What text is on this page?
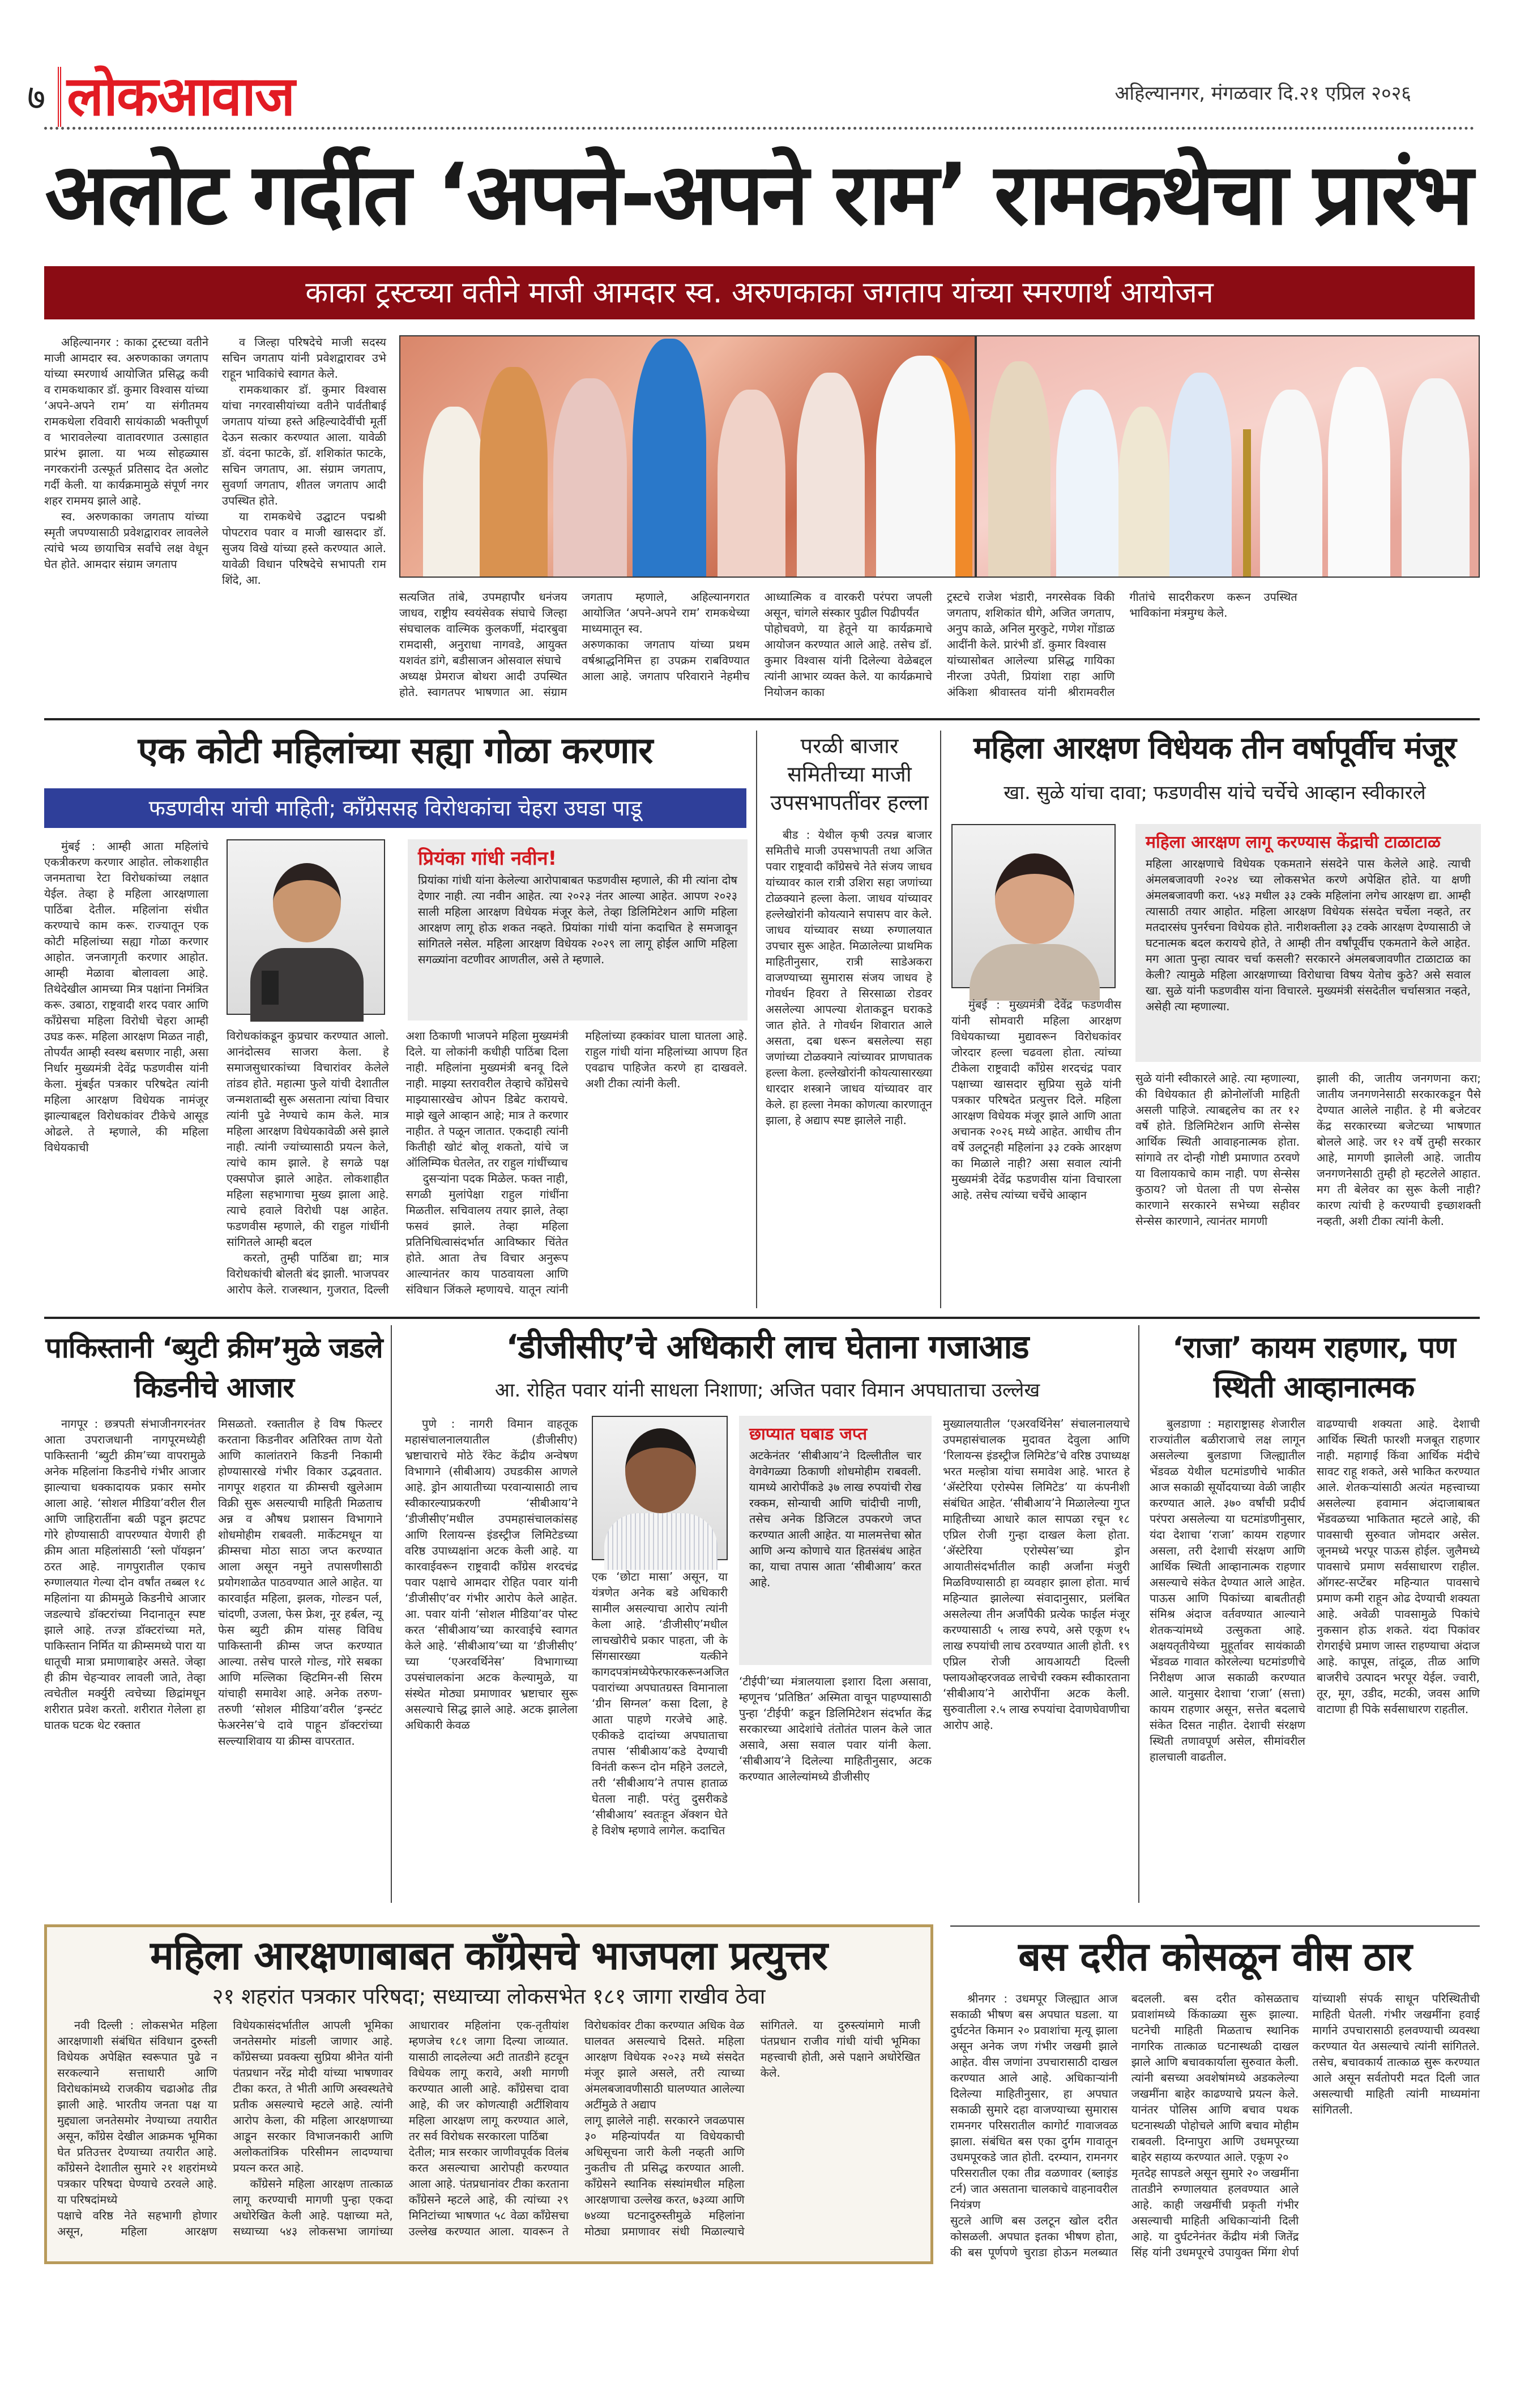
७ लोकआवाज	अहिल्यानगर, मंगळवार दि.२१ एप्रिल २०२६
अलोट गर्दीत ‘अपने-अपने राम’ रामकथेचा प्रारंभ
काका ट्रस्टच्या वतीने माजी आमदार स्व. अरुणकाका जगताप यांच्या स्मरणार्थ आयोजन

अहिल्यानगर : काका ट्रस्टच्या वतीने माजी आमदार स्व. अरुणकाका जगताप यांच्या स्मरणार्थ आयोजित प्रसिद्ध कवी व रामकथाकार डॉ. कुमार विश्वास यांच्या ‘अपने-अपने राम’ या संगीतमय रामकथेला रविवारी सायंकाळी भक्तीपूर्ण व भारावलेल्या वातावरणात उत्साहात प्रारंभ झाला. या भव्य सोहळ्यास नगरकरांनी उत्स्फूर्त प्रतिसाद देत अलोट गर्दी केली. या कार्यक्रमामुळे संपूर्ण नगर शहर राममय झाले आहे.

स्व. अरुणकाका जगताप यांच्या स्मृती जपण्यासाठी प्रवेशद्वारावर लावलेले त्यांचे भव्य छायाचित्र सर्वांचे लक्ष वेधून घेत होते. आमदार संग्राम जगताप

व जिल्हा परिषदेचे माजी सदस्य सचिन जगताप यांनी प्रवेशद्वारावर उभे राहून भाविकांचे स्वागत केले.

रामकथाकार डॉ. कुमार विश्वास यांचा नगरवासीयांच्या वतीने पार्वतीबाई जगताप यांच्या हस्ते अहिल्यादेवींची मूर्ती देऊन सत्कार करण्यात आला. यावेळी डॉ. वंदना फाटके, डॉ. शशिकांत फाटके, सचिन जगताप, आ. संग्राम जगताप, सुवर्णा जगताप, शीतल जगताप आदी उपस्थित होते.

या रामकथेचे उद्घाटन पद्मश्री पोपटराव पवार व माजी खासदार डॉ. सुजय विखे यांच्या हस्ते करण्यात आले. यावेळी विधान परिषदेचे सभापती राम शिंदे, आ.

सत्यजित तांबे, उपमहापौर धनंजय जाधव, राष्ट्रीय स्वयंसेवक संघाचे जिल्हा संघचालक वाल्मिक कुलकर्णी, मंदारबुवा रामदासी, अनुराधा नागवडे, आयुक्त यशवंत डांगे, बडीसाजन ओसवाल संघाचे

अध्यक्ष प्रेमराज बोथरा आदी उपस्थित होते. स्वागतपर भाषणात आ. संग्राम जगताप म्हणाले, अहिल्यानगरात आयोजित ‘अपने-अपने राम’ रामकथेच्या माध्यमातून स्व.

अरुणकाका जगताप यांच्या प्रथम वर्षश्राद्धनिमित्त हा उपक्रम राबविण्यात आला आहे. जगताप परिवाराने नेहमीच आध्यात्मिक व वारकरी परंपरा जपली असून, चांगले संस्कार पुढील पिढीपर्यंत

पोहोचवणे, या हेतूने या कार्यक्रमाचे आयोजन करण्यात आले आहे. तसेच डॉ. कुमार विश्वास यांनी दिलेल्या वेळेबद्दल त्यांनी आभार व्यक्त केले. या कार्यक्रमाचे नियोजन काका

ट्रस्टचे राजेश भंडारी, नगरसेवक विकी जगताप, शशिकांत धीगे, अजित जगताप, अनुप काळे, अनिल मुरकुटे, गणेश गोंडाळ आदींनी केले. प्रारंभी डॉ. कुमार विश्वास

यांच्यासोबत आलेल्या प्रसिद्ध गायिका नीरजा उपेती, प्रियांशा राहा आणि अंकिशा श्रीवास्तव यांनी श्रीरामवरील गीतांचे सादरीकरण करून उपस्थित भाविकांना मंत्रमुग्ध केले.

एक कोटी महिलांच्या सह्या गोळा करणार
फडणवीस यांची माहिती; काँग्रेससह विरोधकांचा चेहरा उघडा पाडू

मुंबई : आम्ही आता महिलांचे एकत्रीकरण करणार आहोत. लोकशाहीत जनमताचा रेटा विरोधकांच्या लक्षात येईल. तेव्हा हे महिला आरक्षणाला पाठिंबा देतील. महिलांना संधीत करण्याचे काम करू. राज्यातून एक कोटी महिलांच्या सह्या गोळा करणार आहोत. जनजागृती करणार आहोत. आम्ही मेळावा बोलावला आहे. तिथेदेखील आमच्या मित्र पक्षांना निमंत्रित करू. उबाठा, राष्ट्रवादी शरद पवार आणि काँग्रेसचा महिला विरोधी चेहरा आम्ही उघड करू. महिला आरक्षण मिळत नाही, तोपर्यंत आम्ही स्वस्थ बसणार नाही, असा निर्धार मुख्यमंत्री देवेंद्र फडणवीस यांनी केला. मुंबईत पत्रकार परिषदेत त्यांनी महिला आरक्षण विधेयक नामंजूर झाल्याबद्दल विरोधकांवर टीकेचे आसूड ओढले. ते म्हणाले, की महिला विधेयकाची

प्रियंका गांधी नवीन!
प्रियांका गांधी यांना केलेल्या आरोपाबाबत फडणवीस म्हणाले, की मी त्यांना दोष देणार नाही. त्या नवीन आहेत. त्या २०२३ नंतर आल्या आहेत. आपण २०२३ साली महिला आरक्षण विधेयक मंजूर केले, तेव्हा डिलिमिटेशन आणि महिला आरक्षण लागू होऊ शकत नव्हते. प्रियांका गांधी यांना कदाचित हे समजावून सांगितले नसेल. महिला आरक्षण विधेयक २०२९ ला लागू होईल आणि महिला सगळ्यांना वटणीवर आणतील, असे ते म्हणाले.

विरोधकांकडून कुप्रचार करण्यात आलो. आनंदोत्सव साजरा केला. हे समाजसुधारकांच्या विचारांवर केलेले तांडव होते. महात्मा फुले यांची देशातील जन्मशताब्दी सुरू असताना त्यांचा विचार त्यांनी पुढे नेण्याचे काम केले. मात्र महिला आरक्षण विधेयकावेळी असे झाले नाही. त्यांनी ज्यांच्यासाठी प्रयत्न केले, त्यांचे काम झाले. हे सगळे पक्ष एक्सपोज झाले आहेत. लोकशाहीत महिला सहभागाचा मुख्य झाला आहे. त्याचे हवाले विरोधी पक्ष आहेत. फडणवीस म्हणाले, की राहुल गांधींनी सांगितले आम्ही बदल

करतो, तुम्ही पाठिंबा द्या; मात्र विरोधकांची बोलती बंद झाली. भाजपवर आरोप केले. राजस्थान, गुजरात, दिल्ली अशा ठिकाणी भाजपने महिला मुख्यमंत्री दिले. या लोकांनी कधीही पाठिंबा दिला नाही. महिलांना मुख्यमंत्री बनवू दिले नाही. माझ्या स्तरावरील तेव्हाचे काँग्रेसचे माझ्यासारखेच ओपन डिबेट करायचे. माझे खुले आव्हान आहे; मात्र ते करणार नाहीत. ते पळून जातात. एकदाही त्यांनी कितीही खोटं बोलू शकतो, यांचे ज ऑलिम्पिक घेतलेत, तर राहुल गांधींच्याच

दुसऱ्यांना पदक मिळेल. फक्त नाही, सगळी मुलांपेक्षा राहुल गांधींना मिळतील. सचिवालय तयार झाले, तेव्हा फसवं झाले. तेव्हा महिला प्रतिनिधित्वासंदर्भात आविष्कार चिंतेत होते. आता तेच विचार अनुरूप आल्यानंतर काय पाठवायला आणि संविधान जिंकले म्हणायचे. यातून त्यांनी महिलांच्या हक्कांवर घाला घातला आहे. राहुल गांधी यांना महिलांच्या आपण हित एवढाच पाहिजेत करणे हा दाखवले. अशी टीका त्यांनी केली.

परळी बाजार समितीच्या माजी उपसभापतींवर हल्ला

बीड : येथील कृषी उत्पन्न बाजार समितीचे माजी उपसभापती तथा अजित पवार राष्ट्रवादी काँग्रेसचे नेते संजय जाधव यांच्यावर काल रात्री उशिरा सहा जणांच्या टोळक्याने हल्ला केला. जाधव यांच्यावर हल्लेखोरांनी कोयत्याने सपासप वार केले. जाधव यांच्यावर सध्या रुग्णालयात उपचार सुरू आहेत. मिळालेल्या प्राथमिक माहितीनुसार, रात्री साडेअकरा वाजण्याच्या सुमारास संजय जाधव हे गोवर्धन हिवरा ते सिरसाळा रोडवर असलेल्या आपल्या शेताकडून घराकडे जात होते. ते गोवर्धन शिवारात आले असता, दबा धरून बसलेल्या सहा जणांच्या टोळक्याने त्यांच्यावर प्राणघातक हल्ला केला. हल्लेखोरांनी कोयत्यासारख्या धारदार शस्त्राने जाधव यांच्यावर वार केले. हा हल्ला नेमका कोणत्या कारणातून झाला, हे अद्याप स्पष्ट झालेले नाही.

महिला आरक्षण विधेयक तीन वर्षापूर्वीच मंजूर
खा. सुळे यांचा दावा; फडणवीस यांचे चर्चेचे आव्हान स्वीकारले
महिला आरक्षण लागू करण्यास केंद्राची टाळाटाळ
महिला आरक्षणाचे विधेयक एकमताने संसदेने पास केलेले आहे. त्याची अंमलबजावणी २०२४ च्या लोकसभेत करणे अपेक्षित होते. या क्षणी अंमलबजावणी करा. ५४३ मधील ३३ टक्के महिलांना लगेच आरक्षण द्या. आम्ही त्यासाठी तयार आहोत. महिला आरक्षण विधेयक संसदेत चर्चेला नव्हते, तर मतदारसंघ पुनर्रचना विधेयक होते. नारीशक्तीला ३३ टक्के आरक्षण देण्यासाठी जे घटनात्मक बदल करायचे होते, ते आम्ही तीन वर्षांपूर्वीच एकमताने केले आहेत. मग आता पुन्हा त्यावर चर्चा कसली? सरकारने अंमलबजावणीत टाळाटाळ का केली? त्यामुळे महिला आरक्षणाच्या विरोधाचा विषय येतोच कुठे? असे सवाल खा. सुळे यांनी फडणवीस यांना विचारले. मुख्यमंत्री संसदेतील चर्चासत्रात नव्हते, असेही त्या म्हणाल्या.

मुंबई : मुख्यमंत्री देवेंद्र फडणवीस यांनी सोमवारी महिला आरक्षण विधेयकाच्या मुद्यावरून विरोधकांवर जोरदार हल्ला चढवला होता. त्यांच्या टीकेला राष्ट्रवादी काँग्रेस शरदचंद्र पवार पक्षाच्या खासदार सुप्रिया सुळे यांनी पत्रकार परिषदेत प्रत्युत्तर दिले. महिला आरक्षण विधेयक मंजूर झाले आणि आता अचानक २०२६ मध्ये आहेत. आधीच तीन वर्षे उलटूनही महिलांना ३३ टक्के आरक्षण का मिळाले नाही? असा सवाल त्यांनी मुख्यमंत्री देवेंद्र फडणवीस यांना विचारला आहे. तसेच त्यांच्या चर्चेचे आव्हान

सुळे यांनी स्वीकारले आहे. त्या म्हणाल्या, की विधेयकात ही क्रोनोलॉजी माहिती असली पाहिजे. त्याबद्दलेच का तर १२ वर्षे होते. डिलिमिटेशन आणि सेन्सेस आर्थिक स्थिती आवाहनात्मक होता. सांगावे तर दोन्ही गोष्टी प्रमाणात ठरवणे या विलायकाचे काम नाही. पण सेन्सेस कुठाय? जो घेतला ती पण सेन्सेस कारणाने सरकारने सभेच्या सहीवर सेन्सेस कारणाने, त्यानंतर मागणी

झाली की, जातीय जनगणना करा; जातीय जनगणनेसाठी सरकारकडून पैसे देण्यात आलेले नाहीत. हे मी बजेटवर केंद्र सरकारच्या बजेटच्या भाषणात बोलले आहे. जर १२ वर्षे तुम्ही सरकार आहे, मागणी झालेली आहे. जातीय जनगणनेसाठी तुम्ही हो म्हटलेले आहात. मग ती बेलेवर का सुरू केली नाही? कारण त्यांची हे करण्याची इच्छाशक्ती नव्हती, अशी टीका त्यांनी केली.

पाकिस्तानी ‘ब्युटी क्रीम’मुळे जडले किडनीचे आजार

नागपूर : छत्रपती संभाजीनगरनंतर आता उपराजधानी नागपूरमध्येही पाकिस्तानी ‘ब्युटी क्रीम’च्या वापरामुळे अनेक महिलांना किडनीचे गंभीर आजार झाल्याचा धक्कादायक प्रकार समोर आला आहे. ‘सोशल मीडिया’वरील रील आणि जाहिरातींना बळी पडून झटपट गोरे होण्यासाठी वापरण्यात येणारी ही क्रीम आता महिलांसाठी ‘स्लो पॉयझन’ ठरत आहे. नागपुरातील एकाच रुग्णालयात गेल्या दोन वर्षांत तब्बल १८ महिलांना या क्रीममुळे किडनीचे आजार जडल्याचे डॉक्टरांच्या निदानातून स्पष्ट झाले आहे. तज्ज्ञ डॉक्टरांच्या मते, पाकिस्तान निर्मित या क्रीम्समध्ये पारा या धातूची मात्रा प्रमाणाबाहेर असते. जेव्हा ही क्रीम चेहऱ्यावर लावली जाते, तेव्हा त्वचेतील मर्क्युरी त्वचेच्या छिद्रांमधून शरीरात प्रवेश करतो. शरीरात गेलेला हा घातक घटक थेट रक्तात

मिसळतो. रक्तातील हे विष फिल्टर करताना किडनीवर अतिरिक्त ताण येतो आणि कालांतराने किडनी निकामी होण्यासारखे गंभीर विकार उद्भवतात. नागपूर शहरात या क्रीम्सची खुलेआम विक्री सुरू असल्याची माहिती मिळताच अन्न व औषध प्रशासन विभागाने शोधमोहीम राबवली. मार्केटमधून या क्रीम्सचा मोठा साठा जप्त करण्यात आला असून नमुने तपासणीसाठी प्रयोगशाळेत पाठवण्यात आले आहेत. या कारवाईत महिला, झलक, गोल्डन पर्ल, चांदणी, उजला, फेस फ्रेश, नूर हर्बल, न्यू फेस ब्युटी क्रीम यांसह विविध पाकिस्तानी क्रीम्स जप्त करण्यात आल्या. तसेच पारले गोल्ड, गोरे सबका आणि मल्लिका व्हिटमिन-सी सिरम यांचाही समावेश आहे. अनेक तरुण-तरुणी ‘सोशल मीडिया’वरील ‘इन्स्टंट फेअरनेस’चे दावे पाहून डॉक्टरांच्या सल्ल्याशिवाय या क्रीम्स वापरतात.

‘डीजीसीए’चे अधिकारी लाच घेताना गजाआड
आ. रोहित पवार यांनी साधला निशाणा; अजित पवार विमान अपघाताचा उल्लेख

पुणे : नागरी विमान वाहतूक महासंचालनालयातील (डीजीसीए) भ्रष्टाचाराचे मोठे रॅकेट केंद्रीय अन्वेषण विभागाने (सीबीआय) उघडकीस आणले आहे. ड्रोन आयातीच्या परवान्यासाठी लाच स्वीकारल्याप्रकरणी ‘सीबीआय’ने ‘डीजीसीए’मधील उपमहासंचालकांसह आणि रिलायन्स इंडस्ट्रीज लिमिटेडच्या वरिष्ठ उपाध्यक्षांना अटक केली आहे. या कारवाईवरून राष्ट्रवादी काँग्रेस शरदचंद्र पवार पक्षाचे आमदार रोहित पवार यांनी ‘डीजीसीए’वर गंभीर आरोप केले आहेत. आ. पवार यांनी ‘सोशल मीडिया’वर पोस्ट करत ‘सीबीआय’च्या कारवाईचे स्वागत केले आहे. ‘सीबीआय’च्या या ‘डीजीसीए’ च्या ‘एअरवर्थिनेस’ विभागाच्या उपसंचालकांना अटक केल्यामुळे, या संस्थेत मोठ्या प्रमाणावर भ्रष्टाचार सुरू असल्याचे सिद्ध झाले आहे. अटक झालेला अधिकारी केवळ

एक ‘छोटा मासा’ असून, या यंत्रणेत अनेक बडे अधिकारी सामील असल्याचा आरोप त्यांनी केला आहे. ‘डीजीसीए’मधील लाचखोरीचे प्रकार पाहता, जी के सिंगसारख्या यत्कीने कागदपत्रांमध्येफेरफारकरूनअजित पवारांच्या अपघातग्रस्त विमानाला ‘ग्रीन सिग्नल’ कसा दिला, हे आता पाहणे गरजेचे आहे. एकीकडे दादांच्या अपघाताचा तपास ‘सीबीआय’कडे देण्याची विनंती करून दोन महिने उलटले, तरी ‘सीबीआय’ने तपास हाताळ घेतला नाही. परंतु दुसरीकडे ‘सीबीआय’ स्वतःहून ॲक्शन घेते हे विशेष म्हणावे लागेल. कदाचित

छाप्यात घबाड जप्त
अटकेनंतर ‘सीबीआय’ने दिल्लीतील चार वेगवेगळ्या ठिकाणी शोधमोहीम राबवली. यामध्ये आरोपींकडे ३७ लाख रुपयांची रोख रक्कम, सोन्याची आणि चांदीची नाणी, तसेच अनेक डिजिटल उपकरणे जप्त करण्यात आली आहेत. या मालमत्तेचा स्रोत आणि अन्य कोणाचे यात हितसंबंध आहेत का, याचा तपास आता ‘सीबीआय’ करत आहे.

‘टीईपी’च्या मंत्रालयाला इशारा दिला असावा, म्हणूनच ‘प्रतिष्ठित’ अस्मिता वाचून पाहण्यासाठी पुन्हा ‘टीईपी’ कडून डिलिमिटेशन संदर्भात केंद्र सरकारच्या आदेशांचे तंतोतंत पालन केले जात असावे, असा सवाल पवार यांनी केला. ‘सीबीआय’ने दिलेल्या माहितीनुसार, अटक करण्यात आलेल्यांमध्ये डीजीसीए

मुख्यालयातील ‘एअरवर्थिनेस’ संचालनालयाचे उपमहासंचालक मुदावत देवुला आणि ‘रिलायन्स इंडस्ट्रीज लिमिटेड’चे वरिष्ठ उपाध्यक्ष भरत मल्होत्रा यांचा समावेश आहे. भारत हे ‘ॲस्टेरिया एरोस्पेस लिमिटेड’ या कंपनीशी संबंधित आहेत. ‘सीबीआय’ने मिळालेल्या गुप्त माहितीच्या आधारे काल सापळा रचून १८ एप्रिल रोजी गुन्हा दाखल केला होता. ‘ॲस्टेरिया एरोस्पेस’च्या ड्रोन आयातीसंदर्भातील काही अर्जांना मंजुरी मिळविण्यासाठी हा व्यवहार झाला होता. मार्च महिन्यात झालेल्या संवादानुसार, प्रलंबित असलेल्या तीन अर्जांपैकी प्रत्येक फाईल मंजूर करण्यासाठी ५ लाख रुपये, असे एकूण १५ लाख रुपयांची लाच ठरवण्यात आली होती. १९ एप्रिल रोजी आयआयटी दिल्ली फ्लायओव्हरजवळ लाचेची रक्कम स्वीकारताना ‘सीबीआय’ने आरोपींना अटक केली. सुरुवातीला २.५ लाख रुपयांचा देवाणघेवाणीचा आरोप आहे.

‘राजा’ कायम राहणार, पण स्थिती आव्हानात्मक

बुलडाणा : महाराष्ट्रासह शेजारील राज्यांतील बळीराजाचे लक्ष लागून असलेल्या बुलडाणा जिल्ह्यातील भेंडवळ येथील घटमांडणीचे भाकीत आज सकाळी सूर्योदयाच्या वेळी जाहीर करण्यात आले. ३७० वर्षांची प्रदीर्घ परंपरा असलेल्या या घटमांडणीनुसार, यंदा देशाचा ‘राजा’ कायम राहणार असला, तरी देशाची संरक्षण आणि आर्थिक स्थिती आव्हानात्मक राहणार असल्याचे संकेत देण्यात आले आहेत. पाऊस आणि पिकांच्या बाबतीतही संमिश्र अंदाज वर्तवण्यात आल्याने शेतकऱ्यांमध्ये उत्सुकता आहे. अक्षयतृतीयेच्या मुहूर्तावर सायंकाळी भेंडवळ गावात कोरलेल्या घटमांडणीचे निरीक्षण आज सकाळी करण्यात आले. यानुसार देशाचा ‘राजा’ (सत्ता) कायम राहणार असून, सत्तेत बदलाचे संकेत दिसत नाहीत. देशाची संरक्षण स्थिती तणावपूर्ण असेल, सीमांवरील हालचाली वाढतील.

वाढण्याची शक्यता आहे. देशाची आर्थिक स्थिती फारशी मजबूत राहणार नाही. महागाई किंवा आर्थिक मंदीचे सावट राहू शकते, असे भाकित करण्यात आले. शेतकऱ्यांसाठी अत्यंत महत्त्वाच्या असलेल्या हवामान अंदाजाबाबत भेंडवळच्या भाकितात म्हटले आहे, की पावसाची सुरुवात जोमदार असेल. जूनमध्ये भरपूर पाऊस होईल. जुलैमध्ये पावसाचे प्रमाण सर्वसाधारण राहील. ऑगस्ट-सप्टेंबर महिन्यात पावसाचे प्रमाण कमी राहून ओढ देण्याची शक्यता आहे. अवेळी पावसामुळे पिकांचे नुकसान होऊ शकते. यंदा पिकांवर रोगराईचे प्रमाण जास्त राहण्याचा अंदाज आहे. कापूस, तांदूळ, तीळ आणि बाजरीचे उत्पादन भरपूर येईल. ज्वारी, तूर, मूग, उडीद, मटकी, जवस आणि वाटाणा ही पिके सर्वसाधारण राहतील.

महिला आरक्षणाबाबत काँग्रेसचे भाजपला प्रत्युत्तर
२१ शहरांत पत्रकार परिषदा; सध्याच्या लोकसभेत १८१ जागा राखीव ठेवा

नवी दिल्ली : लोकसभेत महिला आरक्षणाशी संबंधित संविधान दुरुस्ती विधेयक अपेक्षित स्वरूपात पुढे न सरकल्याने सत्ताधारी आणि विरोधकांमध्ये राजकीय चढाओढ तीव्र झाली आहे. भारतीय जनता पक्ष या मुद्द्याला जनतेसमोर नेण्याच्या तयारीत असून, काँग्रेस देखील आक्रमक भूमिका घेत प्रतिउत्तर देण्याच्या तयारीत आहे. काँग्रेसने देशातील सुमारे २१ शहरांमध्ये पत्रकार परिषदा घेण्याचे ठरवले आहे. या परिषदांमध्ये

पक्षाचे वरिष्ठ नेते सहभागी होणार असून, महिला आरक्षण विधेयकासंदर्भातील आपली भूमिका जनतेसमोर मांडली जाणार आहे. काँग्रेसच्या प्रवक्त्या सुप्रिया श्रीनेत यांनी पंतप्रधान नरेंद्र मोदी यांच्या भाषणावर टीका करत, ते भीती आणि अस्वस्थतेचे प्रतीक असल्याचे म्हटले आहे. त्यांनी आरोप केला, की महिला आरक्षणाच्या आडून सरकार विभाजनकारी आणि अलोकतांत्रिक परिसीमन लादण्याचा प्रयत्न करत आहे.

काँग्रेसने महिला आरक्षण तात्काळ लागू करण्याची मागणी पुन्हा एकदा अधोरेखित केली आहे. पक्षाच्या मते, सध्याच्या ५४३ लोकसभा जागांच्या आधारावर महिलांना एक-तृतीयांश म्हणजेच १८१ जागा दिल्या जाव्यात. यासाठी लादलेल्या अटी तातडीने हटवून विधेयक लागू करावे, अशी मागणी करण्यात आली आहे. काँग्रेसचा दावा आहे, की जर कोणत्याही अटींशिवाय महिला आरक्षण लागू करण्यात आले, तर सर्व विरोधक सरकारला पाठिंबा

देतील; मात्र सरकार जाणीवपूर्वक विलंब करत असल्याचा आरोपही करण्यात आला आहे. पंतप्रधानांवर टीका करताना काँग्रेसने म्हटले आहे, की त्यांच्या २९ मिनिटांच्या भाषणात ५८ वेळा काँग्रेसचा उल्लेख करण्यात आला. यावरून ते विरोधकांवर टीका करण्यात अधिक वेळ घालवत असल्याचे दिसते. महिला आरक्षण विधेयक २०२३ मध्ये संसदेत मंजूर झाले असले, तरी त्याच्या अंमलबजावणीसाठी घालण्यात आलेल्या अटींमुळे ते अद्याप

लागू झालेले नाही. सरकारने जवळपास ३० महिन्यांपर्यंत या विधेयकाची अधिसूचना जारी केली नव्हती आणि नुकतीच ती प्रसिद्ध करण्यात आली. काँग्रेसने स्थानिक संस्थांमधील महिला आरक्षणाचा उल्लेख करत, ७३व्या आणि ७४व्या घटनादुरुस्तीमुळे महिलांना मोठ्या प्रमाणावर संधी मिळाल्याचे सांगितले. या दुरुस्त्यांमागे माजी पंतप्रधान राजीव गांधी यांची भूमिका महत्त्वाची होती, असे पक्षाने अधोरेखित केले.

बस दरीत कोसळून वीस ठार

श्रीनगर : उधमपूर जिल्ह्यात आज सकाळी भीषण बस अपघात घडला. या दुर्घटनेत किमान २० प्रवाशांचा मृत्यू झाला असून अनेक जण गंभीर जखमी झाले आहेत. वीस जणांना उपचारासाठी दाखल करण्यात आले आहे. अधिकाऱ्यांनी दिलेल्या माहितीनुसार, हा अपघात सकाळी सुमारे दहा वाजण्याच्या सुमारास रामनगर परिसरातील कागोर्ट गावाजवळ झाला. संबंधित बस एका दुर्गम गावातून उधमपूरकडे जात होती. दरम्यान, रामनगर परिसरातील एका तीव्र वळणावर (ब्लाइंड टर्न) जात असताना चालकाचे वाहनावरील नियंत्रण

सुटले आणि बस उलटून खोल दरीत कोसळली. अपघात इतका भीषण होता, की बस पूर्णपणे चुराडा होऊन मलब्यात बदलली. बस दरीत कोसळताच प्रवाशांमध्ये किंकाळ्या सुरू झाल्या. घटनेची माहिती मिळताच स्थानिक नागरिक तात्काळ घटनास्थळी दाखल झाले आणि बचावकार्याला सुरुवात केली. त्यांनी बसच्या अवशेषांमध्ये अडकलेल्या जखमींना बाहेर काढण्याचे प्रयत्न केले. यानंतर पोलिस आणि बचाव पथक घटनास्थळी पोहोचले आणि बचाव मोहीम राबवली. दिग्नापुरा आणि उधमपूरच्या बाहेर सहाय्य करण्यात आले. एकूण २०

मृतदेह सापडले असून सुमारे २० जखमींना तातडीने रुग्णालयात हलवण्यात आले आहे. काही जखमींची प्रकृती गंभीर असल्याची माहिती अधिकाऱ्यांनी दिली आहे. या दुर्घटनेनंतर केंद्रीय मंत्री जितेंद्र सिंह यांनी उधमपूरचे उपायुक्त मिंगा शेर्पा यांच्याशी संपर्क साधून परिस्थितीची माहिती घेतली. गंभीर जखमींना हवाई मार्गाने उपचारासाठी हलवण्याची व्यवस्था करण्यात येत असल्याचे त्यांनी सांगितले. तसेच, बचावकार्य तात्काळ सुरू करण्यात आले असून सर्वतोपरी मदत दिली जात असल्याची माहिती त्यांनी माध्यमांना सांगितली.
